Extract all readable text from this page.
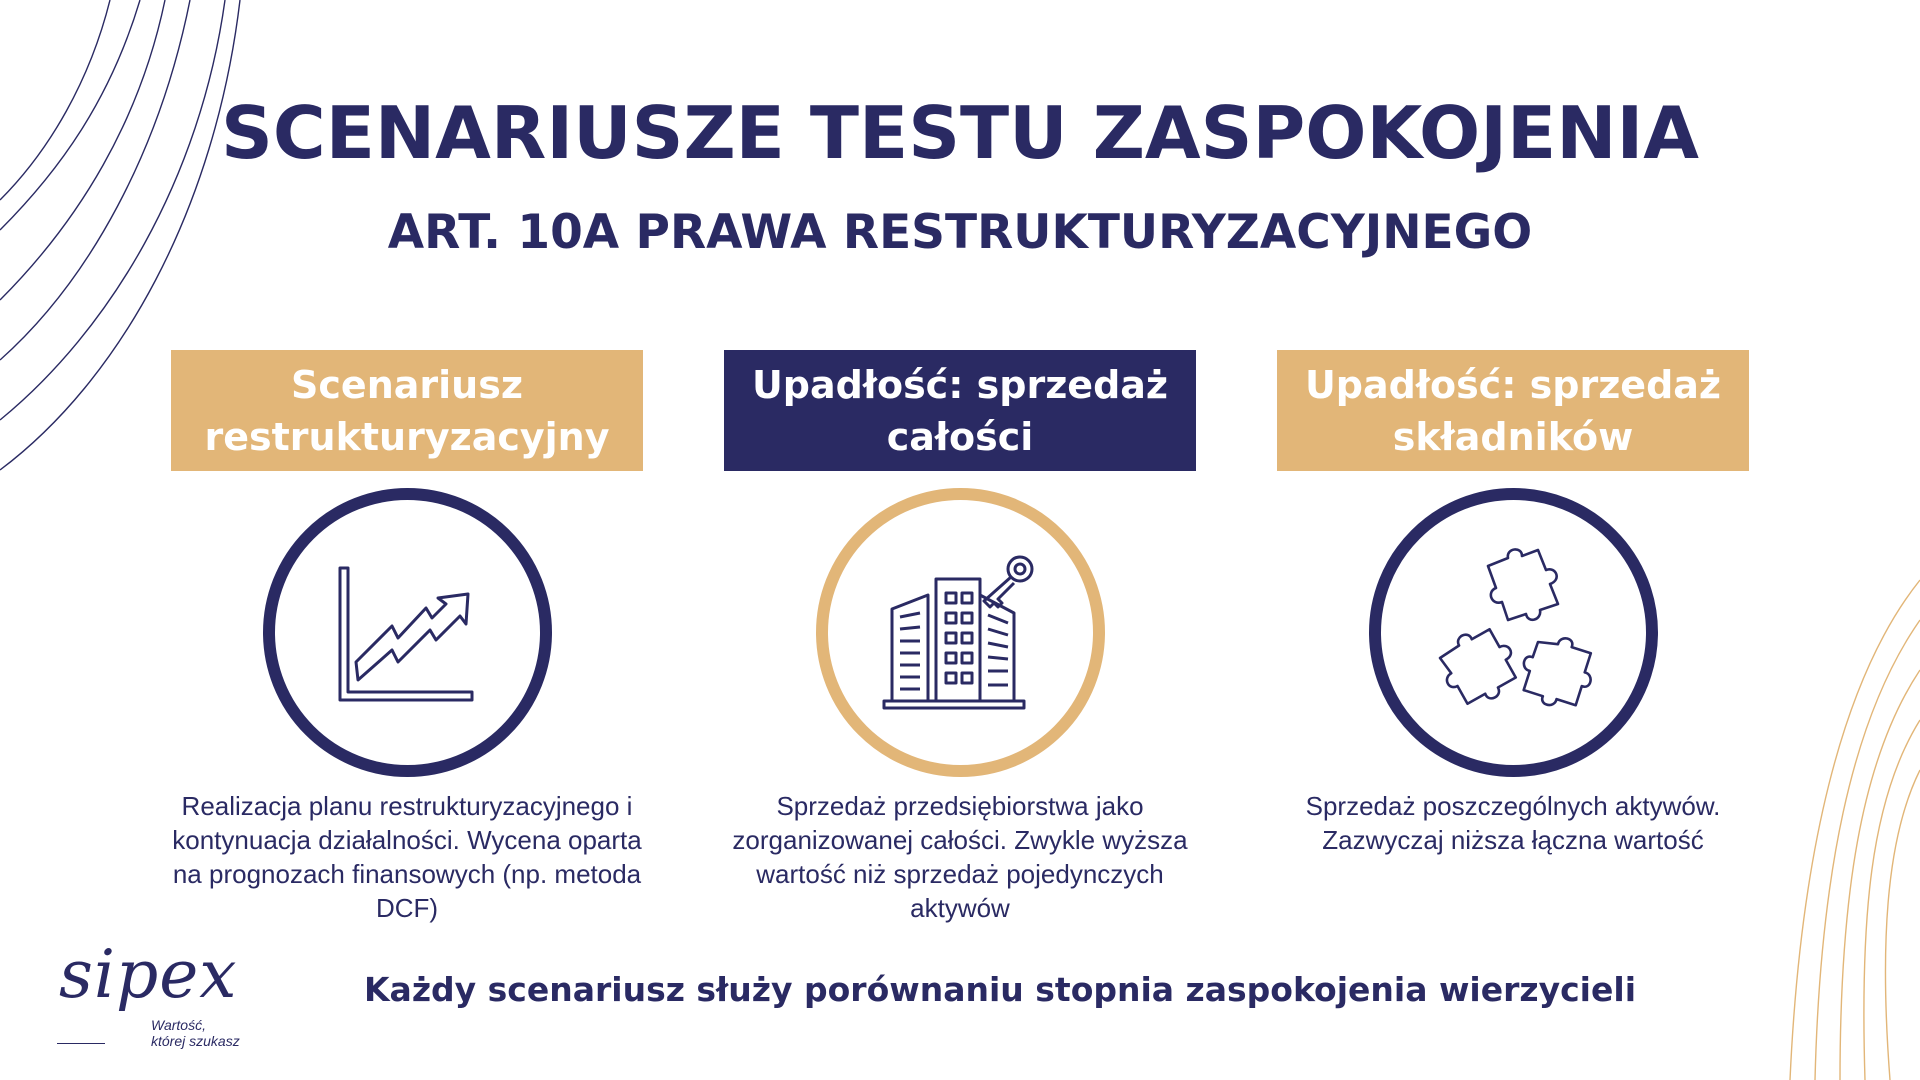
SCENARIUSZE TESTU ZASPOKOJENIA
ART. 10A PRAWA RESTRUKTURYZACYJNEGO
Scenariusz restrukturyzacyjny
Realizacja planu restrukturyzacyjnego i kontynuacja działalności. Wycena oparta na prognozach finansowych (np. metoda DCF)
Upadłość: sprzedaż całości
Sprzedaż przedsiębiorstwa jako zorganizowanej całości. Zwykle wyższa wartość niż sprzedaż pojedynczych aktywów
Upadłość: sprzedaż składników
Sprzedaż poszczególnych aktywów. Zazwyczaj niższa łączna wartość
sipex
Wartość,
której szukasz
Każdy scenariusz służy porównaniu stopnia zaspokojenia wierzycieli
